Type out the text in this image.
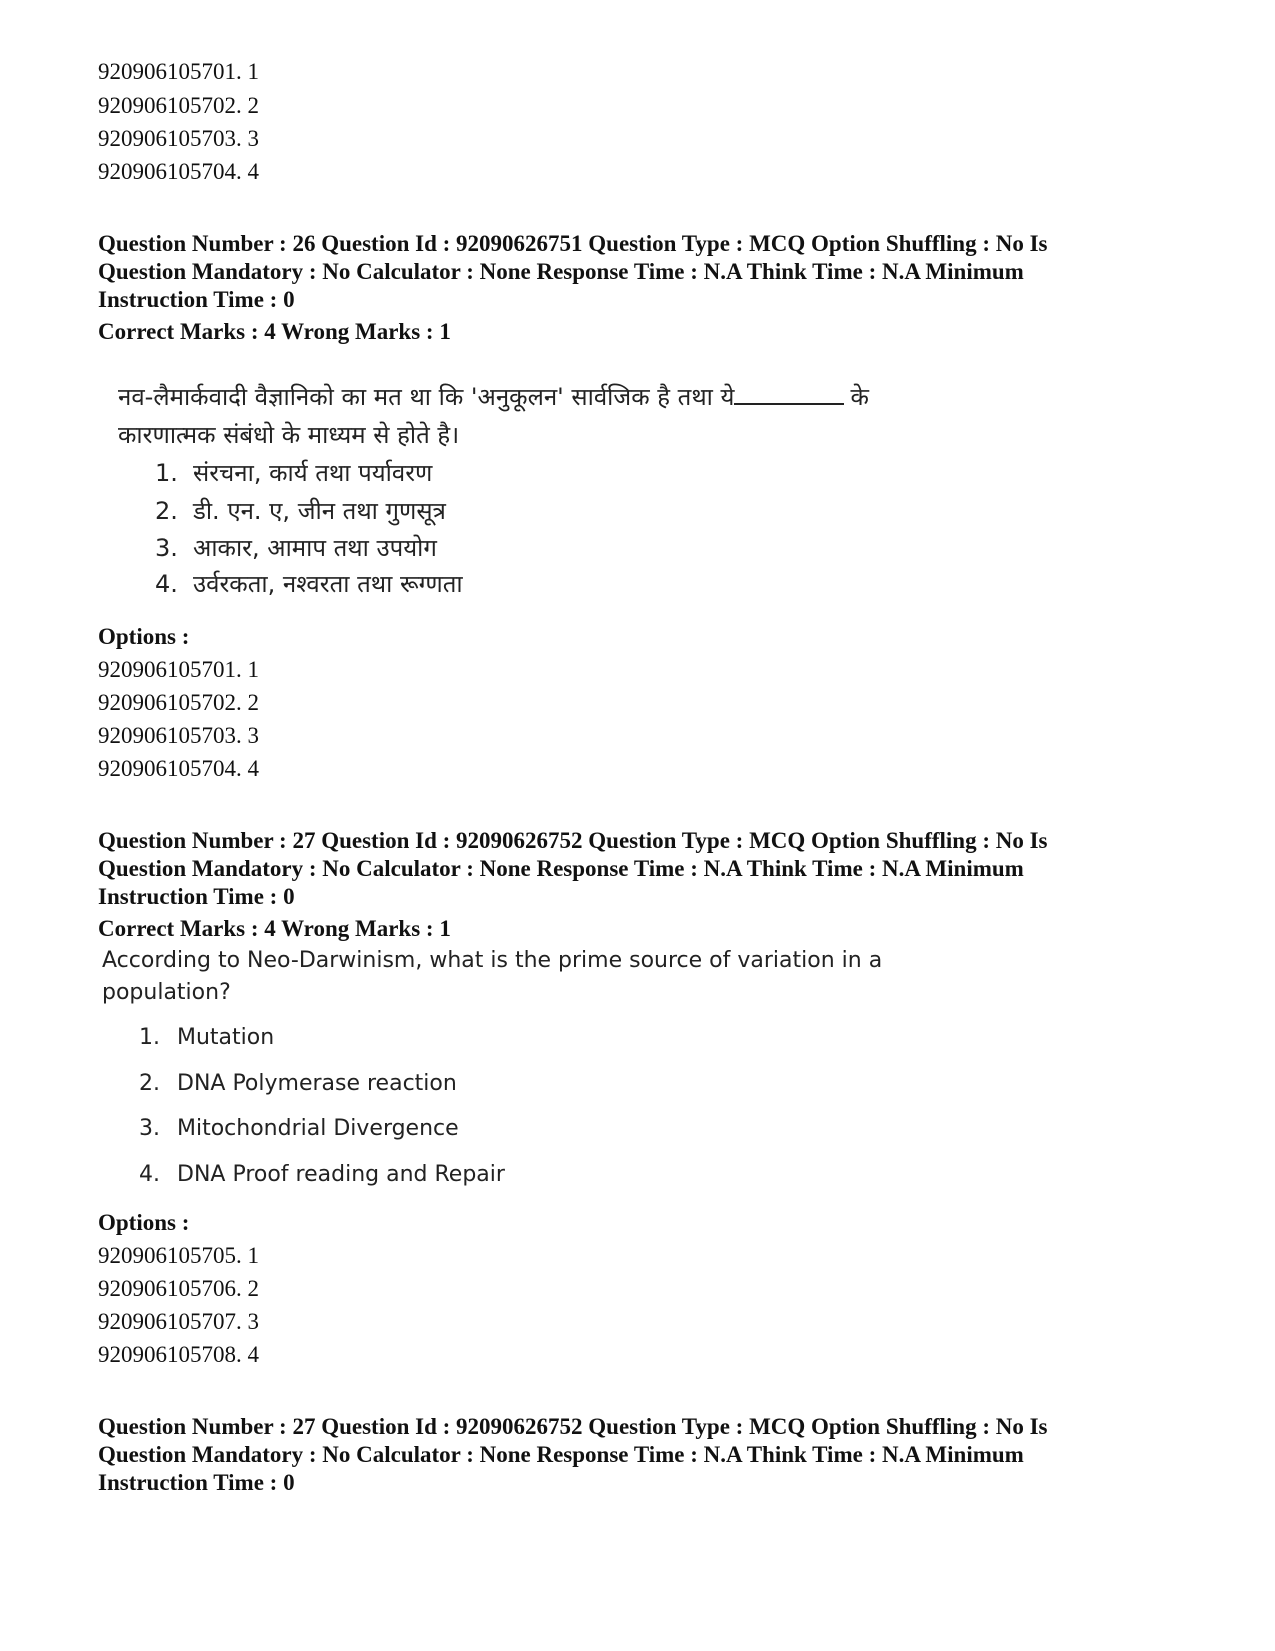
920906105701. 1
920906105702. 2
920906105703. 3
920906105704. 4
Question Number : 26 Question Id : 92090626751 Question Type : MCQ Option Shuffling : No Is
Question Mandatory : No Calculator : None Response Time : N.A Think Time : N.A Minimum
Instruction Time : 0
Correct Marks : 4 Wrong Marks : 1
नव-लैमार्कवादी वैज्ञानिको का मत था कि 'अनुकूलन' सार्वजिक है तथा ये	के
कारणात्मक संबंधो के माध्यम से होते है।
1. संरचना, कार्य तथा पर्यावरण
2. डी. एन. ए, जीन तथा गुणसूत्र
3. आकार, आमाप तथा उपयोग
4. उर्वरकता, नश्वरता तथा रूग्णता
Options :
920906105701. 1
920906105702. 2
920906105703. 3
920906105704. 4
Question Number : 27 Question Id : 92090626752 Question Type : MCQ Option Shuffling : No Is
Question Mandatory : No Calculator : None Response Time : N.A Think Time : N.A Minimum
Instruction Time : 0
Correct Marks : 4 Wrong Marks : 1
According to Neo-Darwinism, what is the prime source of variation in a
population?
1. Mutation
2. DNA Polymerase reaction
3. Mitochondrial Divergence
4. DNA Proof reading and Repair
Options :
920906105705. 1
920906105706. 2
920906105707. 3
920906105708. 4
Question Number : 27 Question Id : 92090626752 Question Type : MCQ Option Shuffling : No Is
Question Mandatory : No Calculator : None Response Time : N.A Think Time : N.A Minimum
Instruction Time : 0
